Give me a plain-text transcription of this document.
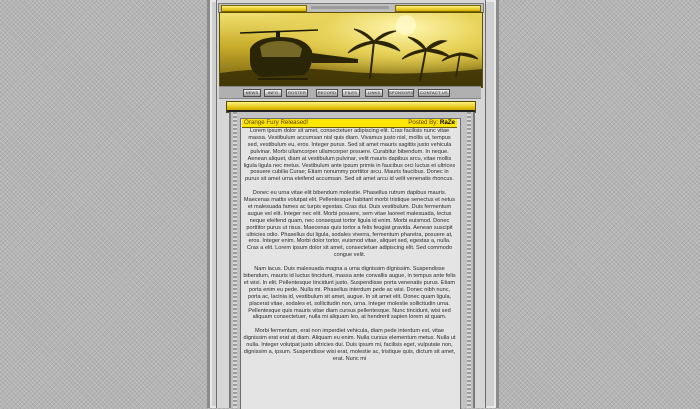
NEWS	INFO	ROSTER	RECORD	FILES	LINKS	SPONSORS	CONTACT US
Orange Fury Released!	Posted By: RaZe

Lorem ipsum dolor sit amet, consectetuer adipiscing elit. Cras facilisis nunc vitae massa. Vestibulum accumsan nisl quis diam. Vivamus justo nisl, mollis ut, tempus sed, vestibulum eu, eros. Integer purus. Sed sit amet mauris sagittis justo vehicula pulvinar. Morbi ullamcorper ullamcorper posuere. Curabitur bibendum. In neque. Aenean aliquet, diam at vestibulum pulvinar, velit mauris dapibus arcu, vitae mollis ligula ligula nec metus. Vestibulum ante ipsum primis in faucibus orci luctus et ultrices posuere cubilia Curae; Etiam nonummy porttitor arcu. Mauris faucibus. Donec in purus sit amet urna eleifend accumsan. Sed sit amet arcu id velit venenatis rhoncus.

Donec eu urna vitae elit bibendum molestie. Phasellus rutrum dapibus mauris. Maecenas mattis volutpat elit. Pellentesque habitant morbi tristique senectus et netus et malesuada fames ac turpis egestas. Cras dui. Duis vestibulum. Duis fermentum augue vel elit. Integer nec elit. Morbi posuere, sem vitae laoreet malesuada, lectus neque eleifend quam, nec consequat tortor ligula id enim. Morbi euismod. Donec porttitor purus ut risus. Maecenas quis tortor a felis feugiat gravida. Aenean suscipit ultricies odio. Phasellus dui ligula, sodales viverra, fermentum pharetra, posuere at, eros. Integer enim. Morbi dolor tortor, euismod vitae, aliquet sed, egestas a, nulla. Cras a elit. Lorem ipsum dolor sit amet, consectetuer adipiscing elit. Sed commodo congue velit.

Nam lacus. Duis malesuada magna a urna dignissim dignissim. Suspendisse bibendum, mauris id luctus tincidunt, massa ante convallis augue, in tempus ante felis et wisi. In elit. Pellentesque tincidunt justo. Suspendisse porta venenatis purus. Etiam porta enim eu pede. Nulla mi. Phasellus interdum pede ac wisi. Donec nibh nunc, porta ac, lacinia id, vestibulum sit amet, augue. In sit amet elit. Donec quam ligula, placerat vitae, sodales et, sollicitudin non, urna. Integer molestie sollicitudin urna. Pellentesque quis mauris vitae diam cursus pellentesque. Nunc tincidunt, wisi sed aliquam consectetuer, nulla mi aliquam leo, at hendrerit sapien lorem at quam.

Morbi fermentum, erat non imperdiet vehicula, diam pede interdum est, vitae dignissim erat erat at diam. Aliquam eu enim. Nulla cursus elementum metus. Nulla ut nulla. Integer volutpat justo ultricies dui. Duis ipsum mi, facilisis eget, vulputate non, dignissim a, ipsum. Suspendisse wisi erat, molestie ac, tristique quis, dictum sit amet, erat. Nunc mi
